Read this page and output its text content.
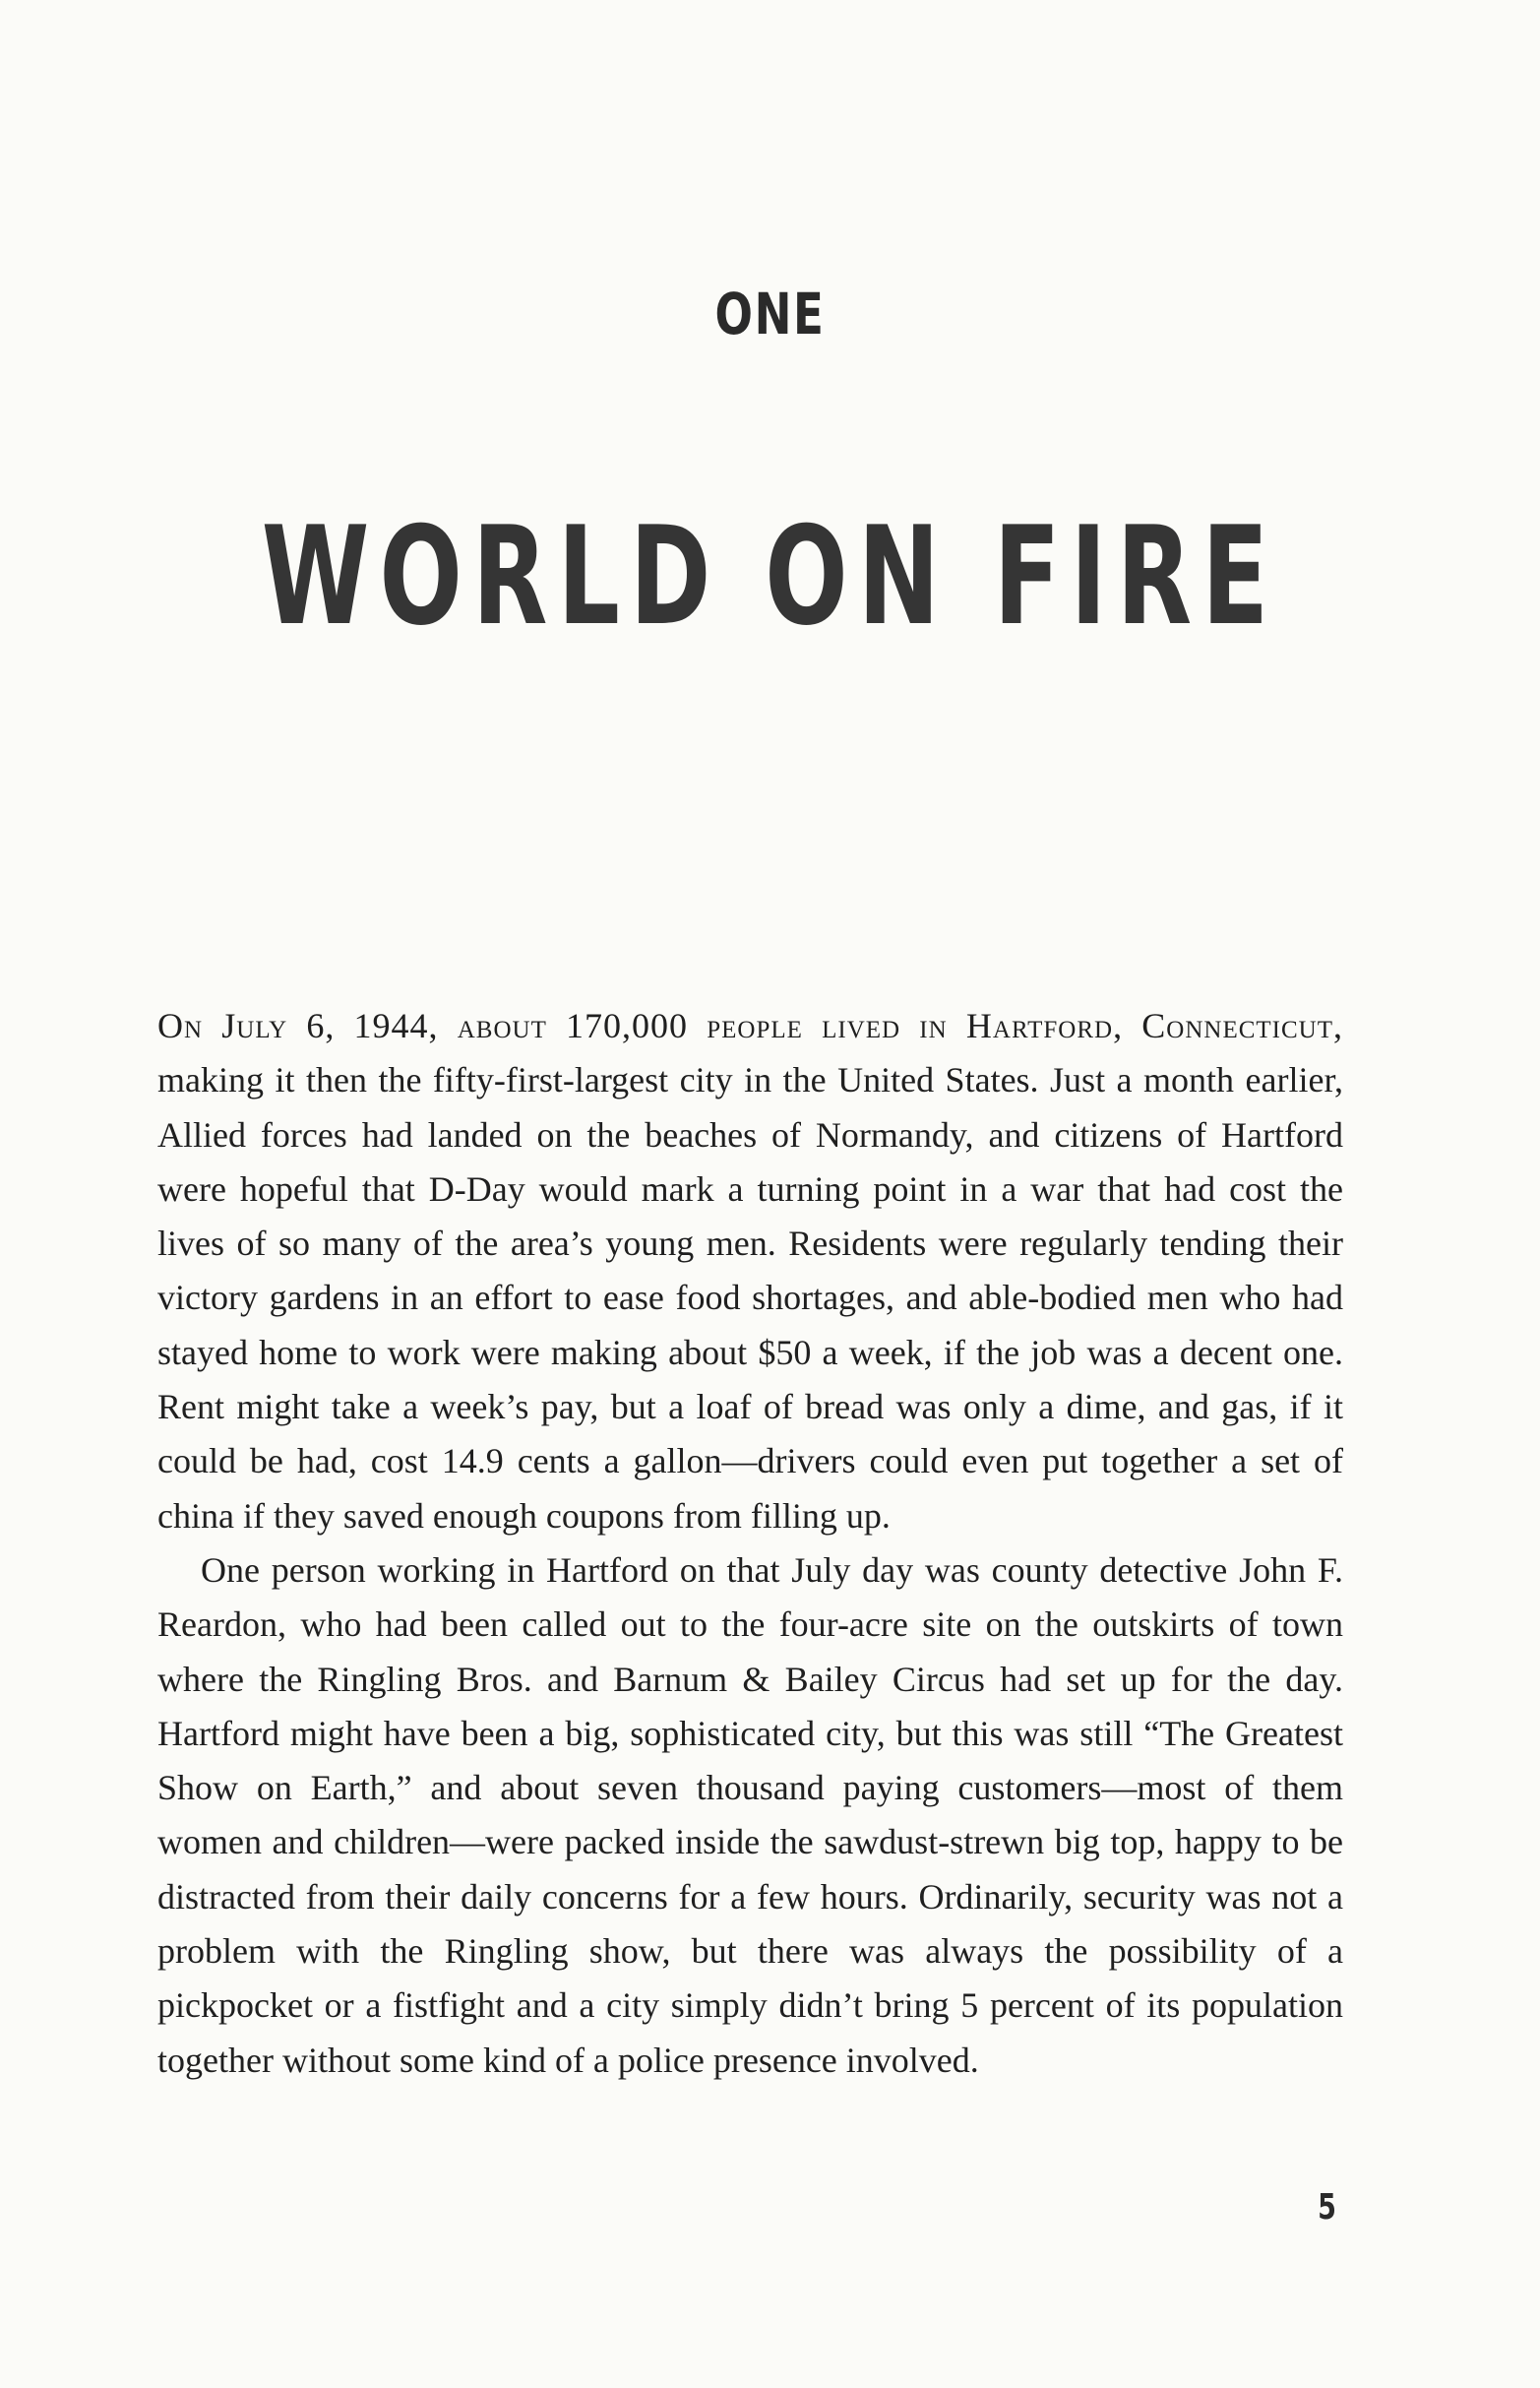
ONE
WORLD ON FIRE

On July 6, 1944, about 170,000 people lived in Hartford, Connecticut, making it then the fifty-first-largest city in the United States. Just a month earlier, Allied forces had landed on the beaches of Normandy, and citizens of Hartford were hopeful that D-Day would mark a turning point in a war that had cost the lives of so many of the area’s young men. Residents were regularly tending their victory gardens in an effort to ease food shortages, and able-bodied men who had stayed home to work were making about $50 a week, if the job was a decent one. Rent might take a week’s pay, but a loaf of bread was only a dime, and gas, if it could be had, cost 14.9 cents a gallon—drivers could even put together a set of china if they saved enough coupons from filling up.

One person working in Hartford on that July day was county detective John F. Reardon, who had been called out to the four-acre site on the outskirts of town where the Ringling Bros. and Barnum & Bailey Circus had set up for the day. Hartford might have been a big, sophisticated city, but this was still “The Greatest Show on Earth,” and about seven thousand paying customers—most of them women and children—were packed inside the sawdust-strewn big top, happy to be distracted from their daily concerns for a few hours. Ordinarily, security was not a problem with the Ringling show, but there was always the possibility of a pickpocket or a fistfight and a city simply didn’t bring 5 percent of its population together without some kind of a police presence involved.

5
